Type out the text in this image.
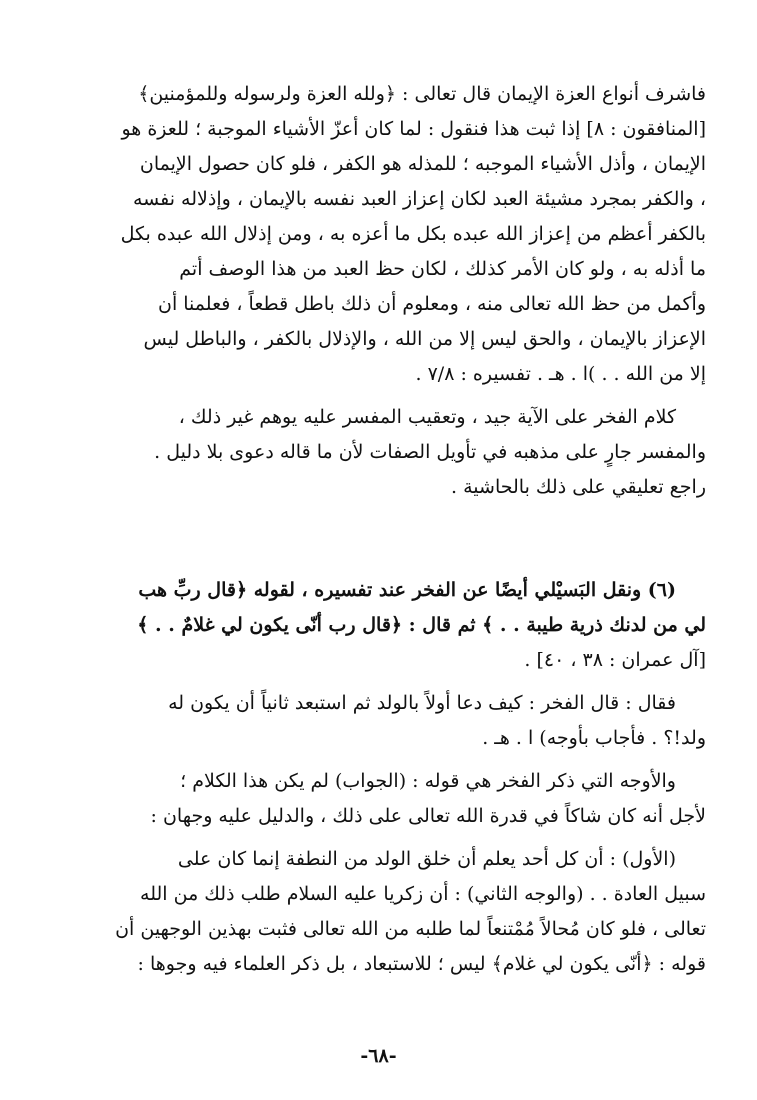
فاشرف أنواع العزة الإيمان قال تعالى : ﴿ولله العزة ولرسوله وللمؤمنين﴾
[المنافقون : ٨] إذا ثبت هذا فنقول : لما كان أعزّ الأشياء الموجبة ؛ للعزة هو
الإيمان ، وأذل الأشياء الموجبه ؛ للمذله هو الكفر ، فلو كان حصول الإيمان
، والكفر بمجرد مشيئة العبد لكان إعزاز العبد نفسه بالإيمان ، وإذلاله نفسه
بالكفر أعظم من إعزاز الله عبده بكل ما أعزه به ، ومن إذلال الله عبده بكل
ما أذله به ، ولو كان الأمر كذلك ، لكان حظ العبد من هذا الوصف أتم
وأكمل من حظ الله تعالى منه ، ومعلوم أن ذلك باطل قطعاً ، فعلمنا أن
الإعزاز بالإيمان ، والحق ليس إلا من الله ، والإذلال بالكفر ، والباطل ليس
إلا من الله . . )ا . هـ . تفسيره : ٧/٨ .
كلام الفخر على الآية جيد ، وتعقيب المفسر عليه يوهم غير ذلك ،
والمفسر جارٍ على مذهبه في تأويل الصفات لأن ما قاله دعوى بلا دليل .
راجع تعليقي على ذلك بالحاشية .
(٦) ونقل البَسيْلي أيضًا عن الفخر عند تفسيره ، لقوله ﴿قال ربِّ هب
لي من لدنك ذرية طيبة . . ﴾ ثم قال : ﴿قال رب أنّى يكون لي غلامٌ . . ﴾
[آل عمران : ٣٨ ، ٤٠] .
فقال : قال الفخر : كيف دعا أولاً بالولد ثم استبعد ثانياً أن يكون له
ولد!؟ . فأجاب بأوجه) ا . هـ .
والأوجه التي ذكر الفخر هي قوله : (الجواب) لم يكن هذا الكلام ؛
لأجل أنه كان شاكاً في قدرة الله تعالى على ذلك ، والدليل عليه وجهان :
(الأول) : أن كل أحد يعلم أن خلق الولد من النطفة إنما كان على
سبيل العادة . . (والوجه الثاني) : أن زكريا عليه السلام طلب ذلك من الله
تعالى ، فلو كان مُحالاً مُمْتنعاً لما طلبه من الله تعالى فثبت بهذين الوجهين أن
قوله : ﴿أنّى يكون لي غلام﴾ ليس ؛ للاستبعاد ، بل ذكر العلماء فيه وجوها :
-٦٨-
